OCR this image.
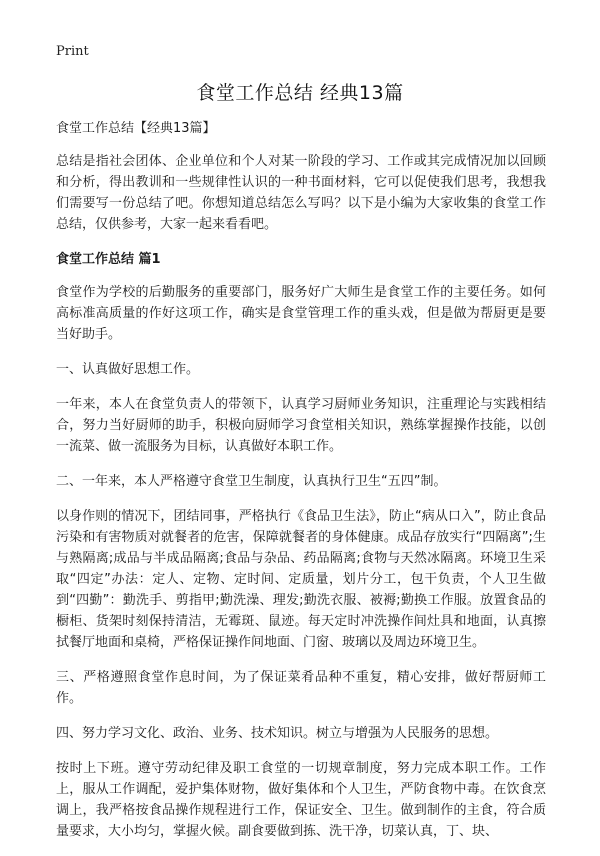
Print
食堂工作总结 经典13篇

食堂工作总结【经典13篇】

总结是指社会团体、企业单位和个人对某一阶段的学习、工作或其完成情况加以回顾和分析，得出教训和一些规律性认识的一种书面材料，它可以促使我们思考，我想我们需要写一份总结了吧。你想知道总结怎么写吗？以下是小编为大家收集的食堂工作总结，仅供参考，大家一起来看看吧。

食堂工作总结 篇1

食堂作为学校的后勤服务的重要部门，服务好广大师生是食堂工作的主要任务。如何高标准高质量的作好这项工作，确实是食堂管理工作的重头戏，但是做为帮厨更是要当好助手。

一、认真做好思想工作。

一年来，本人在食堂负责人的带领下，认真学习厨师业务知识，注重理论与实践相结合，努力当好厨师的助手，积极向厨师学习食堂相关知识，熟练掌握操作技能，以创一流菜、做一流服务为目标，认真做好本职工作。

二、一年来，本人严格遵守食堂卫生制度，认真执行卫生“五四”制。

以身作则的情况下，团结同事，严格执行《食品卫生法》，防止“病从口入”，防止食品污染和有害物质对就餐者的危害，保障就餐者的身体健康。成品存放实行“四隔离”;生与熟隔离;成品与半成品隔离;食品与杂品、药品隔离;食物与天然冰隔离。环境卫生采取“四定”办法：定人、定物、定时间、定质量，划片分工，包干负责，个人卫生做到“四勤”：勤洗手、剪指甲;勤洗澡、理发;勤洗衣服、被褥;勤换工作服。放置食品的橱柜、货架时刻保持清洁，无霉斑、鼠迹。每天定时冲洗操作间灶具和地面，认真擦拭餐厅地面和桌椅，严格保证操作间地面、门窗、玻璃以及周边环境卫生。

三、严格遵照食堂作息时间，为了保证菜肴品种不重复，精心安排，做好帮厨师工作。

四、努力学习文化、政治、业务、技术知识。树立与增强为人民服务的思想。

按时上下班。遵守劳动纪律及职工食堂的一切规章制度，努力完成本职工作。工作上，服从工作调配，爱护集体财物，做好集体和个人卫生，严防食物中毒。在饮食烹调上，我严格按食品操作规程进行工作，保证安全、卫生。做到制作的主食，符合质量要求，大小均匀，掌握火候。副食要做到拣、洗干净，切菜认真，丁、块、
